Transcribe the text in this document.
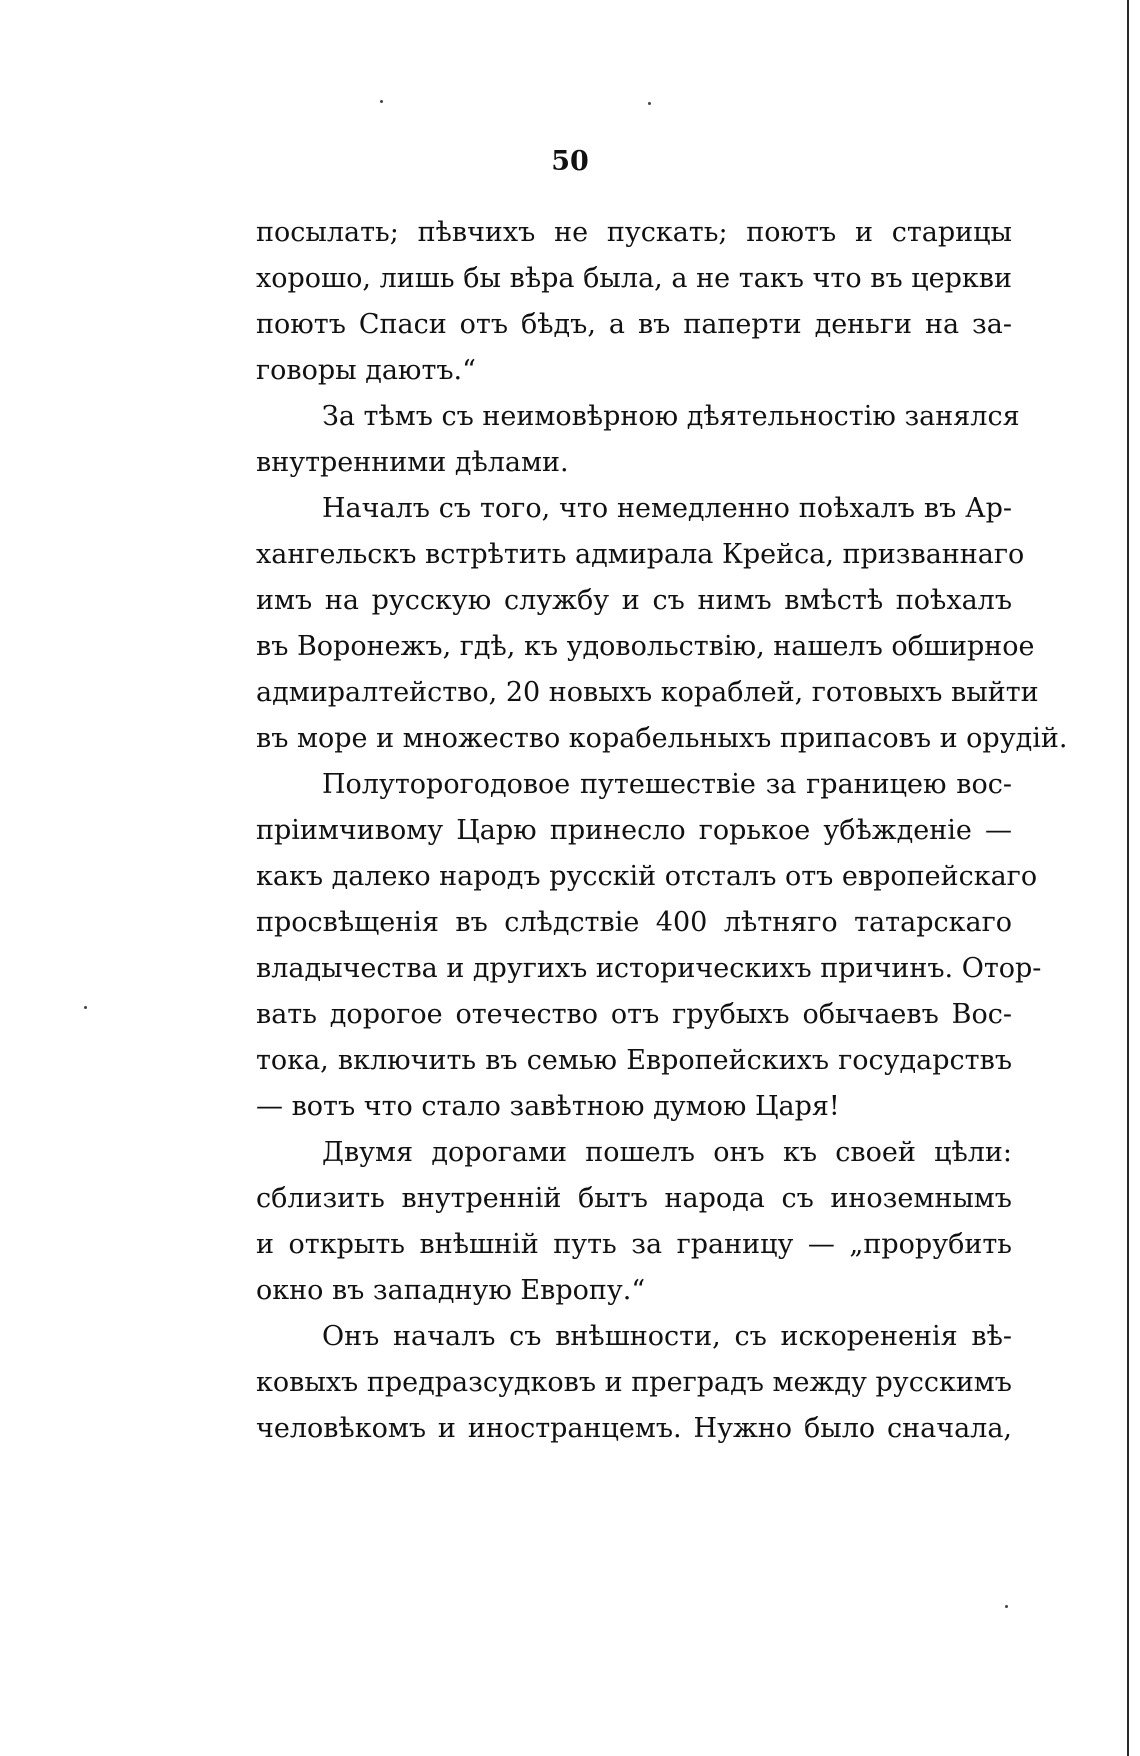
50
посылать; пѣвчихъ не пускать; поютъ и старицы
хорошо, лишь бы вѣра была, а не такъ что въ церкви
поютъ Спаси отъ бѣдъ, а въ паперти деньги на за-
говоры даютъ.“
За тѣмъ съ неимовѣрною дѣятельностію занялся
внутренними дѣлами.
Началъ съ того, что немедленно поѣхалъ въ Ар-
хангельскъ встрѣтить адмирала Крейса, призваннаго
имъ на русскую службу и съ нимъ вмѣстѣ поѣхалъ
въ Воронежъ, гдѣ, къ удовольствію, нашелъ обширное
адмиралтейство, 20 новыхъ кораблей, готовыхъ выйти
въ море и множество корабельныхъ припасовъ и орудій.
Полуторогодовое путешествіе за границею вос-
пріимчивому Царю принесло горькое убѣжденіе —
какъ далеко народъ русскій отсталъ отъ европейскаго
просвѣщенія въ слѣдствіе 400 лѣтняго татарскаго
владычества и другихъ историческихъ причинъ. Отор-
вать дорогое отечество отъ грубыхъ обычаевъ Вос-
тока, включить въ семью Европейскихъ государствъ
— вотъ что стало завѣтною думою Царя!
Двумя дорогами пошелъ онъ къ своей цѣли:
сблизить внутренній бытъ народа съ иноземнымъ
и открыть внѣшній путь за границу — „прорубить
окно въ западную Европу.“
Онъ началъ съ внѣшности, съ искорененія вѣ-
ковыхъ предразсудковъ и преградъ между русскимъ
человѣкомъ и иностранцемъ. Нужно было сначала,
